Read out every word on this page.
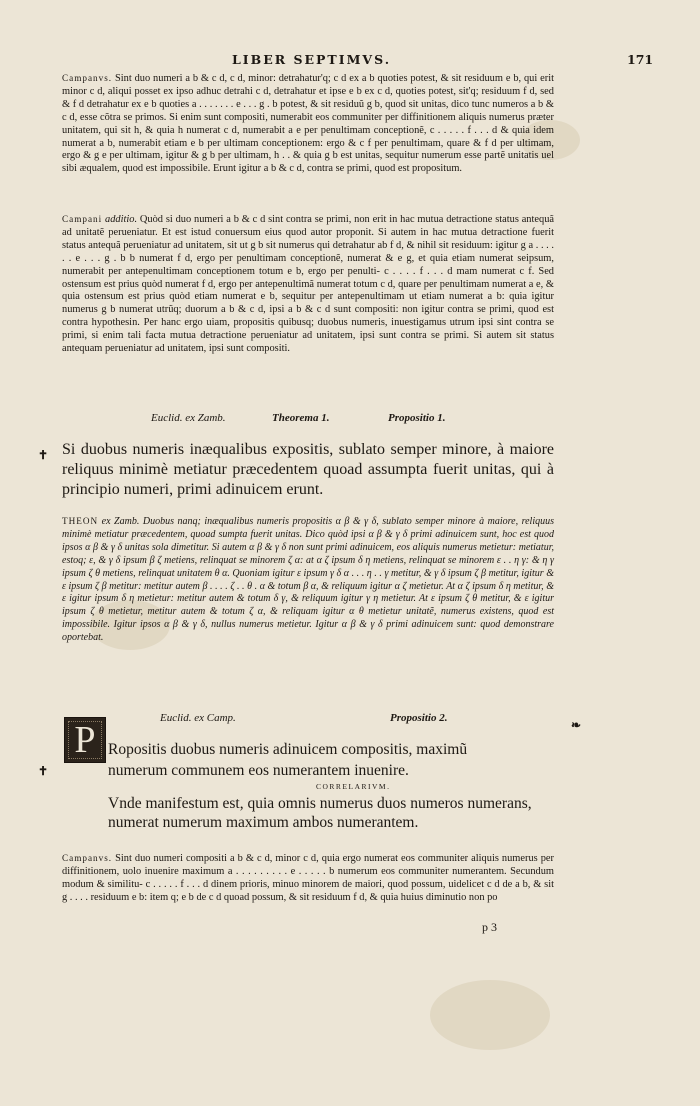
LIBER SEPTIMVS.	171

Campanvs. Sint duo numeri a b & c d, c d, minor: detrahatur'q; c d ex a b quoties potest, & sit residuum e b, qui erit minor c d, aliqui posset ex ipso adhuc detrahi c d, detrahatur et ipse e b ex c d, quoties potest, sit'q; residuum f d, sed & f d detrahatur ex e b quoties a . . . . . . . e . . . g . b potest, & sit residuũ g b, quod sit unitas, dico tunc numeros a b & c d, esse cõtra se primos. Si enim sunt compositi, numerabit eos communiter per diffinitionem aliquis numerus præter unitatem, qui sit h, & quia h numerat c d, numerabit a e per penultimam conceptionẽ, c . . . . . f . . . d & quia idem numerat a b, numerabit etiam e b per ultimam conceptionem: ergo & c f per penultimam, quare & f d per ultimam, ergo & g e per ultimam, igitur & g b per ultimam, h . . & quia g b est unitas, sequitur numerum esse partẽ unitatis uel sibi æqualem, quod est impossibile. Erunt igitur a b & c d, contra se primi, quod est propositum.

Campani additio. Quòd si duo numeri a b & c d sint contra se primi, non erit in hac mutua detractione status antequã ad unitatẽ perueniatur. Et est istud conuersum eius quod autor proponit. Si autem in hac mutua detractione fuerit status antequã perueniatur ad unitatem, sit ut g b sit numerus qui detrahatur ab f d, & nihil sit residuum: igitur g a . . . . . . e . . . g . b b numerat f d, ergo per penultimam conceptionẽ, numerat & e g, et quia etiam numerat seipsum, numerabit per antepenultimam conceptionem totum e b, ergo per penulti- c . . . . f . . . d mam numerat c f. Sed ostensum est prius quòd numerat f d, ergo per antepenultimã numerat totum c d, quare per penultimam numerat a e, & quia ostensum est prius quòd etiam numerat e b, sequitur per antepenultimam ut etiam numerat a b: quia igitur numerus g b numerat utrũq; duorum a b & c d, ipsi a b & c d sunt compositi: non igitur contra se primi, quod est contra hypothesin. Per hanc ergo uiam, propositis quibusq; duobus numeris, inuestigamus utrum ipsi sint contra se primi, si enim tali facta mutua detractione perueniatur ad unitatem, ipsi sunt contra se primi. Si autem sit status antequam perueniatur ad unitatem, ipsi sunt compositi.

Euclid. ex Zamb.	Theorema 1.	Propositio 1.
✝ Si duobus numeris inæqualibus expositis, sublato semper minore, à maiore reliquus minimè metiatur præcedentem quoad assumpta fuerit unitas, qui à principio numeri, primi adinuicem erunt.

THEON ex Zamb. Duobus nanq; inæqualibus numeris propositis α β & γ δ, sublato semper minore à maiore, reliquus minimè metiatur præcedentem, quoad sumpta fuerit unitas. Dico quòd ipsi α β & γ δ primi adinuicem sunt, hoc est quod ipsos α β & γ δ unitas sola dimetitur. Si autem α β & γ δ non sunt primi adinuicem, eos aliquis numerus metietur: metiatur, estoq; ε, & γ δ ipsum β ζ metiens, relinquat se minorem ζ α: at α ζ ipsum δ η metiens, relinquat se minorem ε . . η γ: & η γ ipsum ζ θ metiens, relinquat unitatem θ α. Quoniam igitur ε ipsum γ δ α . . . η . . γ metitur, & γ δ ipsum ζ β metitur, igitur & ε ipsum ζ β metitur: metitur autem β . . . . ζ . . θ . α & totum β α, & reliquum igitur α ζ metietur. At α ζ ipsum δ η metitur, & ε igitur ipsum δ η metietur: metitur autem & totum δ γ, & reliquum igitur γ η metietur. At ε ipsum ζ θ metitur, & ε igitur ipsum ζ θ metietur, metitur autem & totum ζ α, & reliquam igitur α θ metietur unitatẽ, numerus existens, quod est impossibile. Igitur ipsos α β & γ δ, nullus numerus metietur. Igitur α β & γ δ primi adinuicem sunt: quod demonstrare oportebat.

Euclid. ex Camp.	Propositio 2.	❧
P
✝

Ropositis duobus numeris adinuicem compositis, maximũ

numerum communem eos numerantem inuenire.

CORRELARIVM.

Vnde manifestum est, quia omnis numerus duos numeros numerans, numerat numerum maximum ambos numerantem.

Campanvs. Sint duo numeri compositi a b & c d, minor c d, quia ergo numerat eos communiter aliquis numerus per diffinitionem, uolo inuenire maximum a . . . . . . . . . e . . . . . b numerum eos communiter numerantem. Secundum modum & similitu- c . . . . . f . . . d dinem prioris, minuo minorem de maiori, quod possum, uidelicet c d de a b, & sit g . . . . residuum e b: item q; e b de c d quoad possum, & sit residuum f d, & quia huius diminutio non po

p 3
